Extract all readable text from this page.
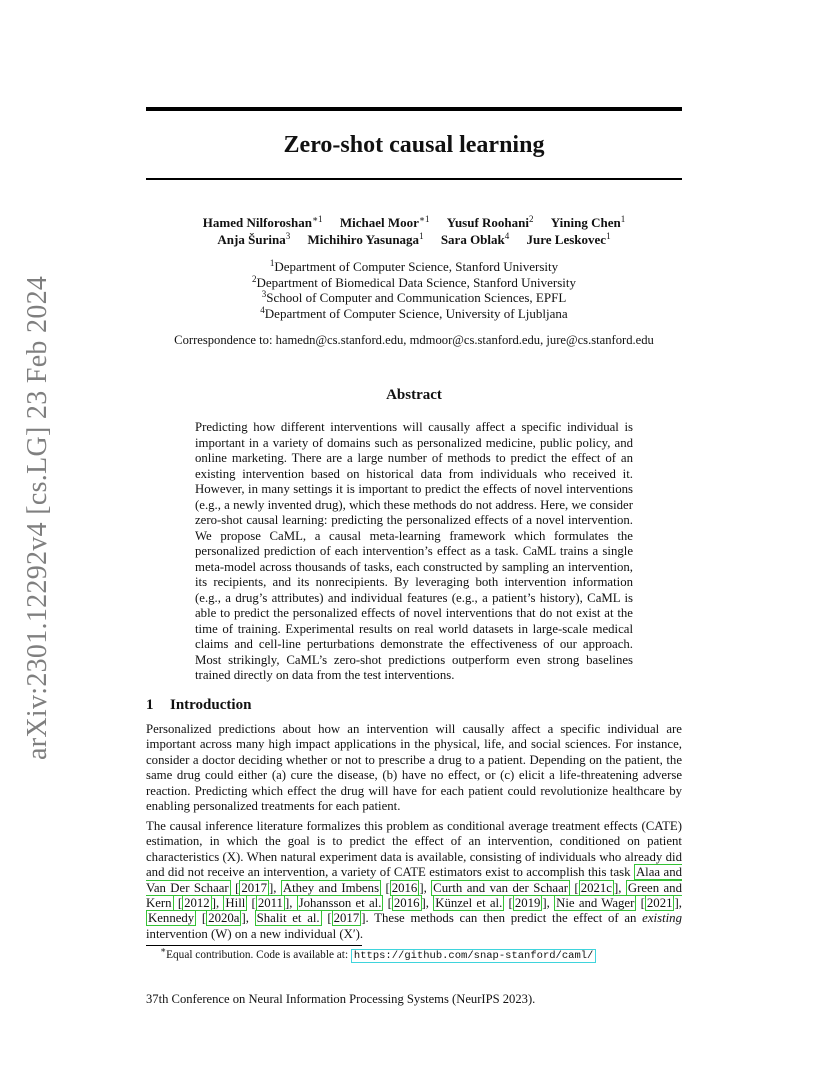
arXiv:2301.12292v4 [cs.LG] 23 Feb 2024
Zero-shot causal learning
Hamed Nilforoshan$^{∗1}$ Michael Moor$^{∗1}$ Yusuf Roohani$^2$ Yining Chen$^1$
Anja Šurina$^3$ Michihiro Yasunaga$^1$ Sara Oblak$^4$ Jure Leskovec$^1$
$^1$Department of Computer Science, Stanford University
$^2$Department of Biomedical Data Science, Stanford University
$^3$School of Computer and Communication Sciences, EPFL
$^4$Department of Computer Science, University of Ljubljana
Correspondence to: hamedn@cs.stanford.edu, mdmoor@cs.stanford.edu, jure@cs.stanford.edu
Abstract
Predicting how different interventions will causally affect a specific individual is important in a variety of domains such as personalized medicine, public policy, and online marketing. There are a large number of methods to predict the effect of an existing intervention based on historical data from individuals who received it. However, in many settings it is important to predict the effects of novel interventions (e.g., a newly invented drug), which these methods do not address. Here, we consider zero-shot causal learning: predicting the personalized effects of a novel intervention. We propose CaML, a causal meta-learning framework which formulates the personalized prediction of each intervention’s effect as a task. CaML trains a single meta-model across thousands of tasks, each constructed by sampling an intervention, its recipients, and its nonrecipients. By leveraging both intervention information (e.g., a drug’s attributes) and individual features (e.g., a patient’s history), CaML is able to predict the personalized effects of novel interventions that do not exist at the time of training. Experimental results on real world datasets in large-scale medical claims and cell-line perturbations demonstrate the effectiveness of our approach. Most strikingly, CaML’s zero-shot predictions outperform even strong baselines trained directly on data from the test interventions.
1 Introduction
Personalized predictions about how an intervention will causally affect a specific individual are important across many high impact applications in the physical, life, and social sciences. For instance, consider a doctor deciding whether or not to prescribe a drug to a patient. Depending on the patient, the same drug could either (a) cure the disease, (b) have no effect, or (c) elicit a life-threatening adverse reaction. Predicting which effect the drug will have for each patient could revolutionize healthcare by enabling personalized treatments for each patient.
The causal inference literature formalizes this problem as conditional average treatment effects (CATE) estimation, in which the goal is to predict the effect of an intervention, conditioned on patient characteristics (X). When natural experiment data is available, consisting of individuals who already did and did not receive an intervention, a variety of CATE estimators exist to accomplish this task Alaa and Van Der Schaar [ 2017 ], Athey and Imbens [ 2016 ], Curth and van der Schaar [ 2021c ], Green and Kern [ 2012 ], Hill [ 2011 ], Johansson et al. [ 2016 ], Künzel et al. [ 2019 ], Nie and Wager [ 2021 ], Kennedy [ 2020a ], Shalit et al. [ 2017 ]. These methods can then predict the effect of an existing intervention (W) on a new individual (X′).
∗Equal contribution. Code is available at: https://github.com/snap-stanford/caml/
37th Conference on Neural Information Processing Systems (NeurIPS 2023).
